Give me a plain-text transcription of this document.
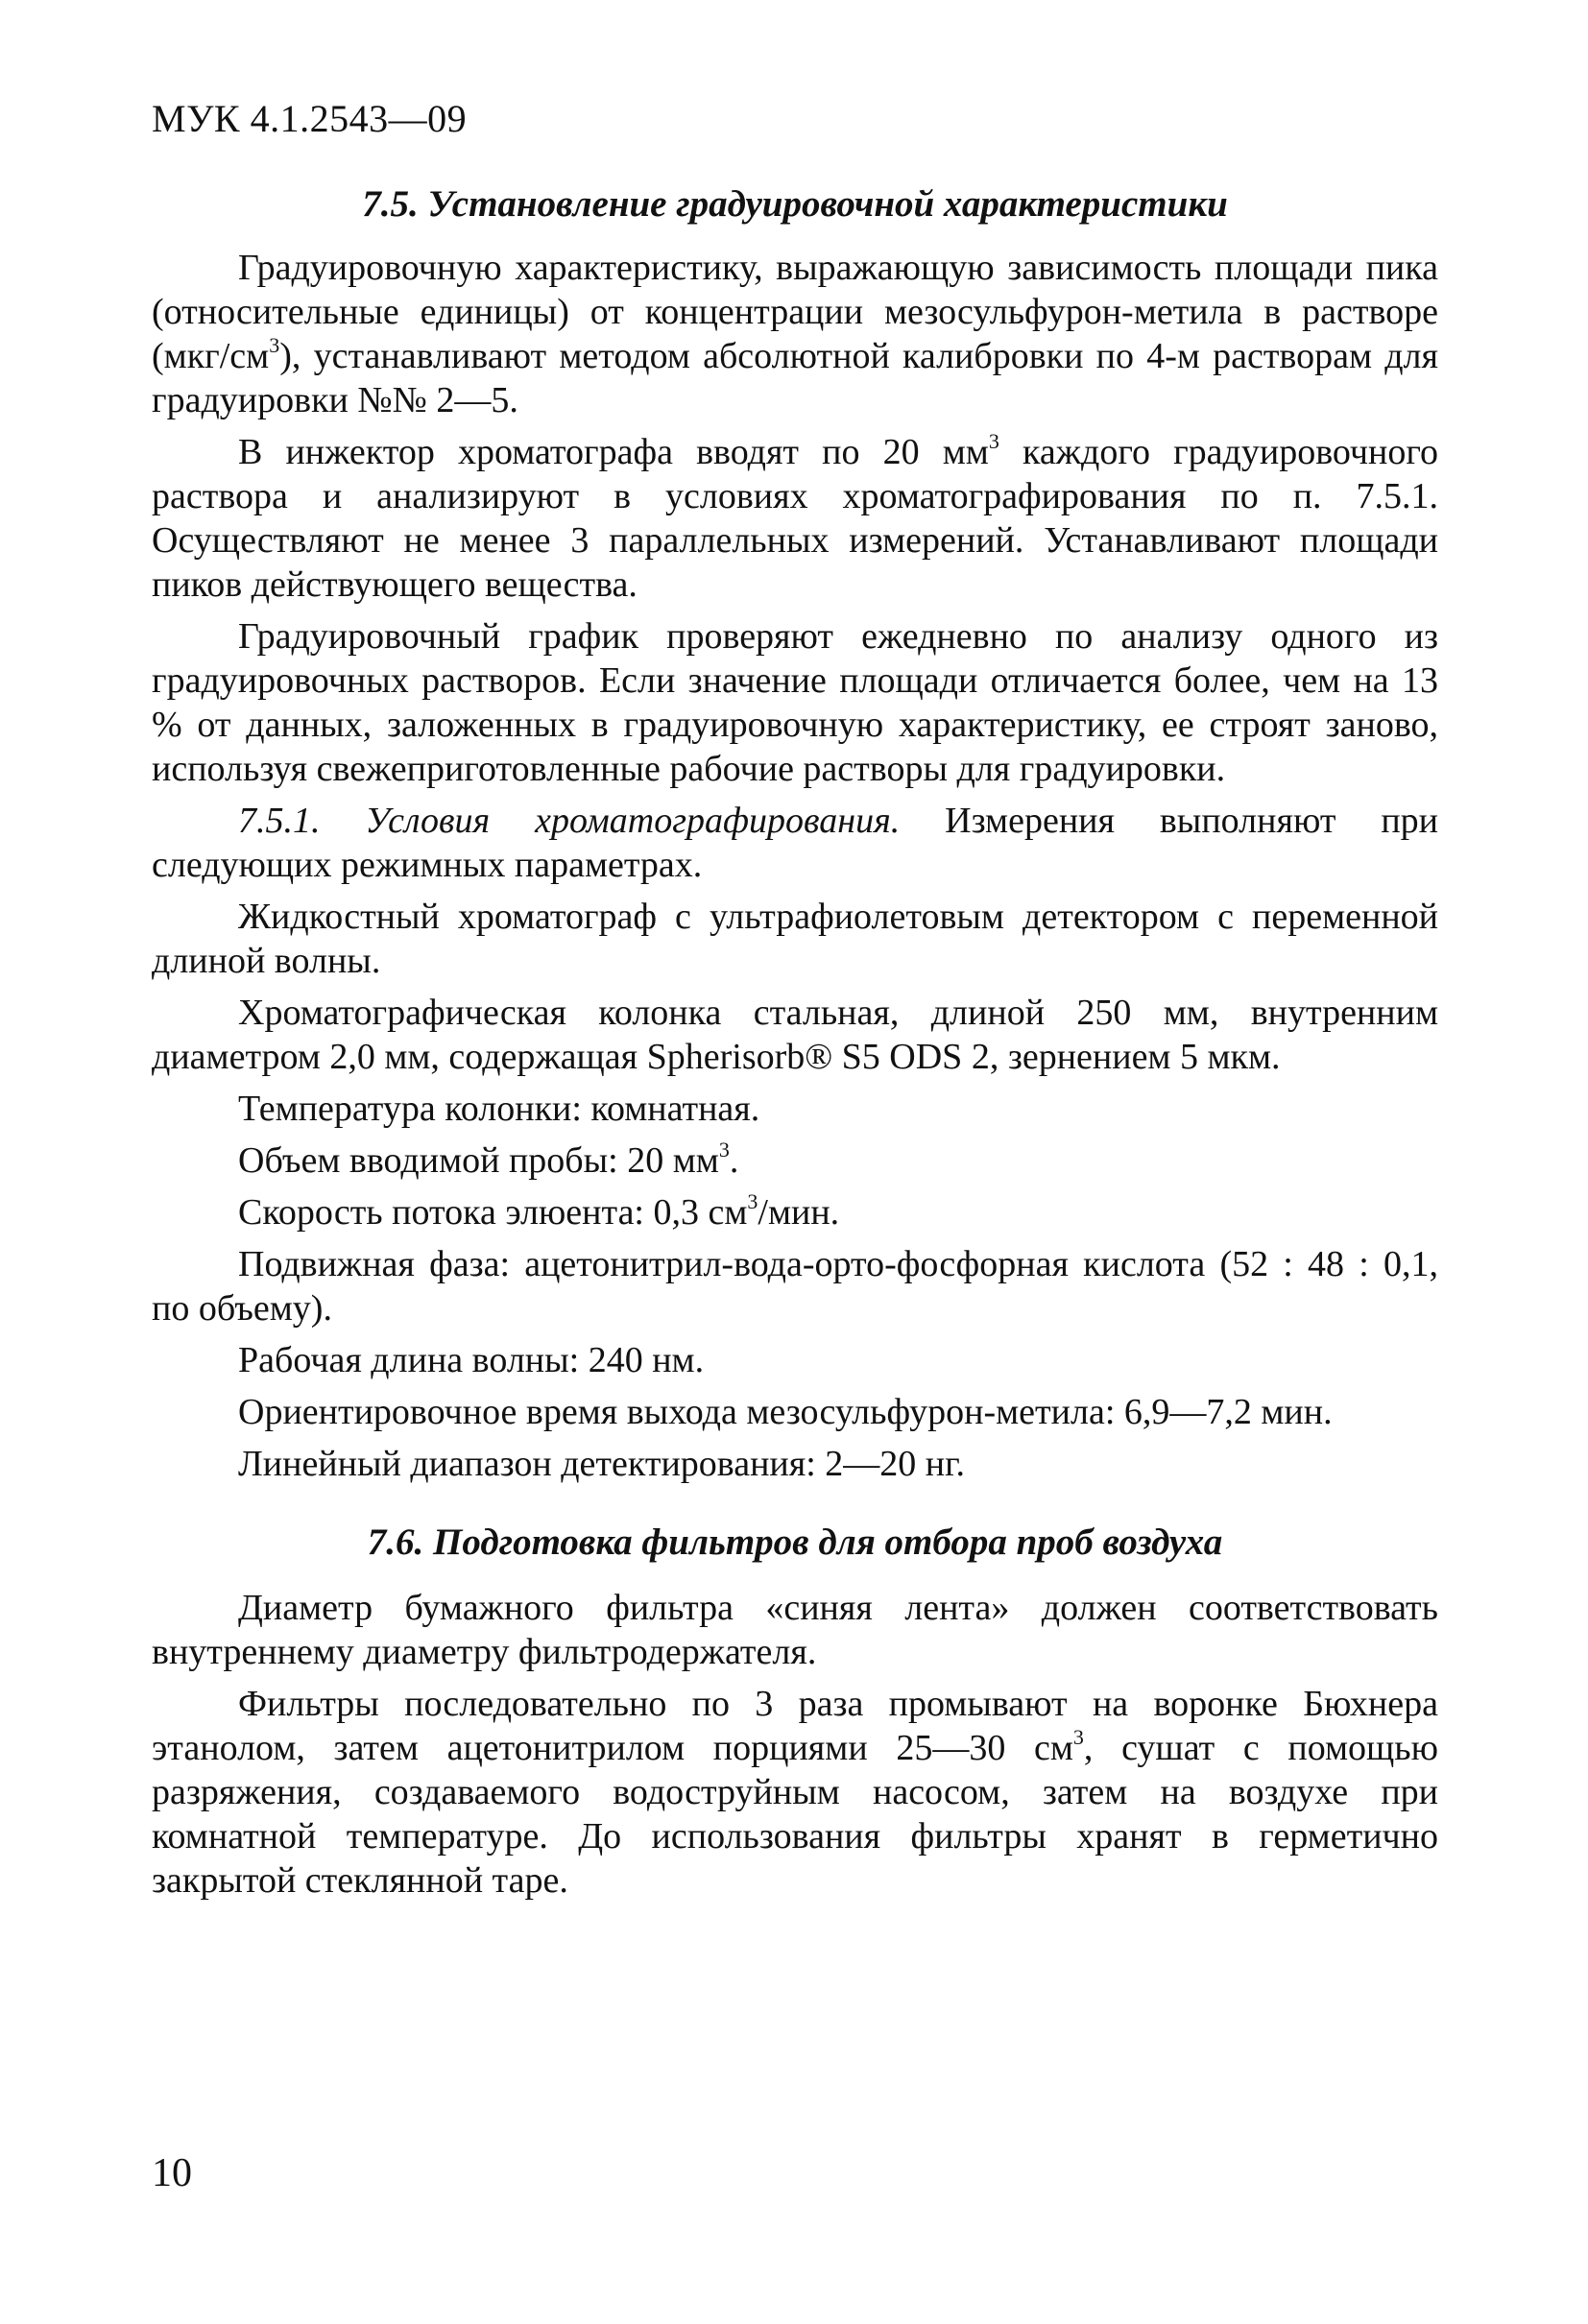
МУК 4.1.2543—09
7.5. Установление градуировочной характеристики

Градуировочную характеристику, выражающую зависимость площади пика (относительные единицы) от концентрации мезосульфурон-метила в растворе $(мкг/см^3)$, устанавливают методом абсолютной калибровки по 4-м растворам для градуировки №№ 2—5.

В инжектор хроматографа вводят по 20 $мм^3$ каждого градуировочного раствора и анализируют в условиях хроматографирования по п. 7.5.1. Осуществляют не менее 3 параллельных измерений. Устанавливают площади пиков действующего вещества.

Градуировочный график проверяют ежедневно по анализу одного из градуировочных растворов. Если значение площади отличается более, чем на 13 % от данных, заложенных в градуировочную характеристику, ее строят заново, используя свежеприготовленные рабочие растворы для градуировки.

7.5.1. Условия хроматографирования. Измерения выполняют при следующих режимных параметрах.

Жидкостный хроматограф с ультрафиолетовым детектором с переменной длиной волны.

Хроматографическая колонка стальная, длиной 250 мм, внутренним диаметром 2,0 мм, содержащая Spherisorb® S5 ODS 2, зернением 5 мкм.

Температура колонки: комнатная.

Объем вводимой пробы: 20 $мм^3$.

Скорость потока элюента: 0,3 $см^3$/мин.

Подвижная фаза: ацетонитрил-вода-орто-фосфорная кислота (52 : 48 : 0,1, по объему).

Рабочая длина волны: 240 нм.

Ориентировочное время выхода мезосульфурон-метила: 6,9—7,2 мин.

Линейный диапазон детектирования: 2—20 нг.

7.6. Подготовка фильтров для отбора проб воздуха

Диаметр бумажного фильтра «синяя лента» должен соответствовать внутреннему диаметру фильтродержателя.

Фильтры последовательно по 3 раза промывают на воронке Бюхнера этанолом, затем ацетонитрилом порциями 25—30 $см^3$, сушат с помощью разряжения, создаваемого водоструйным насосом, затем на воздухе при комнатной температуре. До использования фильтры хранят в герметично закрытой стеклянной таре.

10
